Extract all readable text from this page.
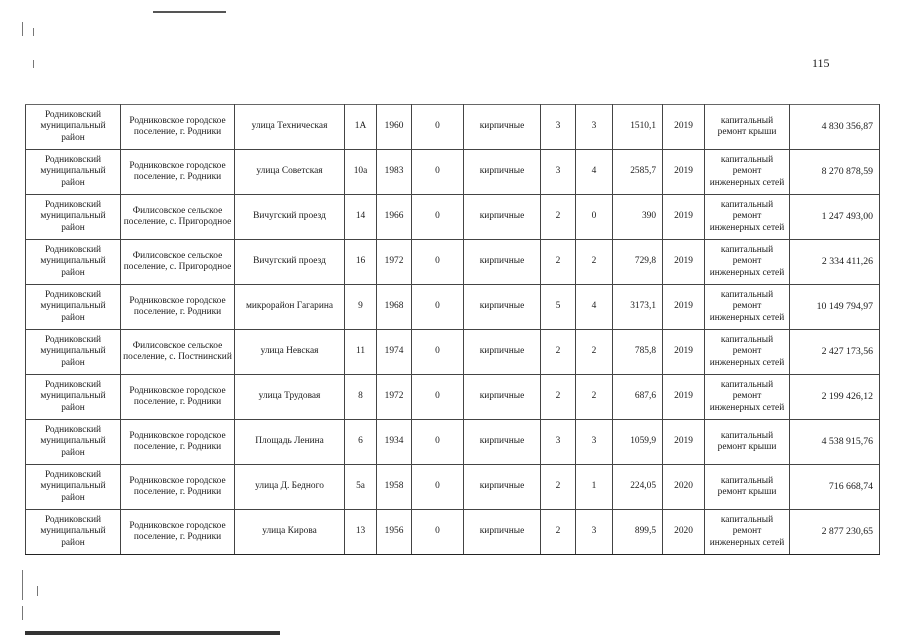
115
Родниковский муниципальный район	Родниковское городское поселение, г. Родники	улица Техническая	1А	1960	0	кирпичные	3	3	1510,1	2019	капитальный ремонт крыши	4 830 356,87
Родниковский муниципальный район	Родниковское городское поселение, г. Родники	улица Советская	10а	1983	0	кирпичные	3	4	2585,7	2019	капитальный ремонт инженерных сетей	8 270 878,59
Родниковский муниципальный район	Филисовское сельское поселение, с. Пригородное	Вичугский проезд	14	1966	0	кирпичные	2	0	390	2019	капитальный ремонт инженерных сетей	1 247 493,00
Родниковский муниципальный район	Филисовское сельское поселение, с. Пригородное	Вичугский проезд	16	1972	0	кирпичные	2	2	729,8	2019	капитальный ремонт инженерных сетей	2 334 411,26
Родниковский муниципальный район	Родниковское городское поселение, г. Родники	микрорайон Гагарина	9	1968	0	кирпичные	5	4	3173,1	2019	капитальный ремонт инженерных сетей	10 149 794,97
Родниковский муниципальный район	Филисовское сельское поселение, с. Постнинский	улица Невская	11	1974	0	кирпичные	2	2	785,8	2019	капитальный ремонт инженерных сетей	2 427 173,56
Родниковский муниципальный район	Родниковское городское поселение, г. Родники	улица Трудовая	8	1972	0	кирпичные	2	2	687,6	2019	капитальный ремонт инженерных сетей	2 199 426,12
Родниковский муниципальный район	Родниковское городское поселение, г. Родники	Площадь Ленина	6	1934	0	кирпичные	3	3	1059,9	2019	капитальный ремонт крыши	4 538 915,76
Родниковский муниципальный район	Родниковское городское поселение, г. Родники	улица Д. Бедного	5а	1958	0	кирпичные	2	1	224,05	2020	капитальный ремонт крыши	716 668,74
Родниковский муниципальный район	Родниковское городское поселение, г. Родники	улица Кирова	13	1956	0	кирпичные	2	3	899,5	2020	капитальный ремонт инженерных сетей	2 877 230,65
